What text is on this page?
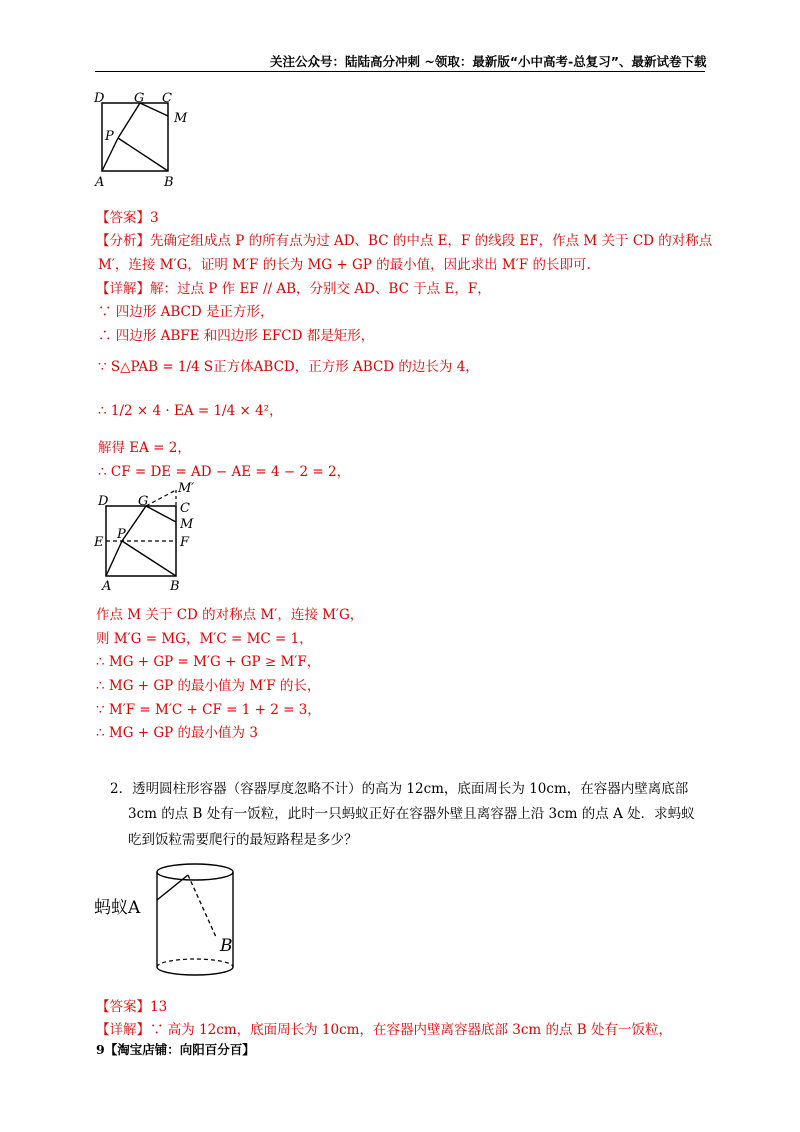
关注公众号：陆陆高分冲刺 ~领取：最新版“小中高考-总复习”、最新试卷下载
D G C
M
P
A	B
【答案】3
【分析】先确定组成点 P 的所有点为过 AD、BC 的中点 E，F 的线段 EF，作点 M 关于 CD 的对称点
M′，连接 M′G，证明 M′F 的长为 MG + GP 的最小值，因此求出 M′F 的长即可.
【详解】解：过点 P 作 EF // AB，分别交 AD、BC 于点 E，F，
∵ 四边形 ABCD 是正方形，
∴ 四边形 ABFE 和四边形 EFCD 都是矩形，
∵ S△PAB = 1/4 S正方体ABCD，正方形 ABCD 的边长为 4，
∴ 1/2 × 4 · EA = 1/4 × 4²，
解得 EA = 2，
∴ CF = DE = AD − AE = 4 − 2 = 2，
D G
M′
C
M
P
E	F
A	B
作点 M 关于 CD 的对称点 M′，连接 M′G，
则 M′G = MG，M′C = MC = 1，
∴ MG + GP = M′G + GP ≥ M′F，
∴ MG + GP 的最小值为 M′F 的长，
∵ M′F = M′C + CF = 1 + 2 = 3，
∴ MG + GP 的最小值为 3
2．透明圆柱形容器（容器厚度忽略不计）的高为 12cm，底面周长为 10cm，在容器内壁离底部
3cm 的点 B 处有一饭粒，此时一只蚂蚁正好在容器外壁且离容器上沿 3cm 的点 A 处．求蚂蚁
吃到饭粒需要爬行的最短路程是多少？
蚂蚁A
B
【答案】13
【详解】∵ 高为 12cm，底面周长为 10cm，在容器内壁离容器底部 3cm 的点 B 处有一饭粒，
9【淘宝店铺：向阳百分百】
